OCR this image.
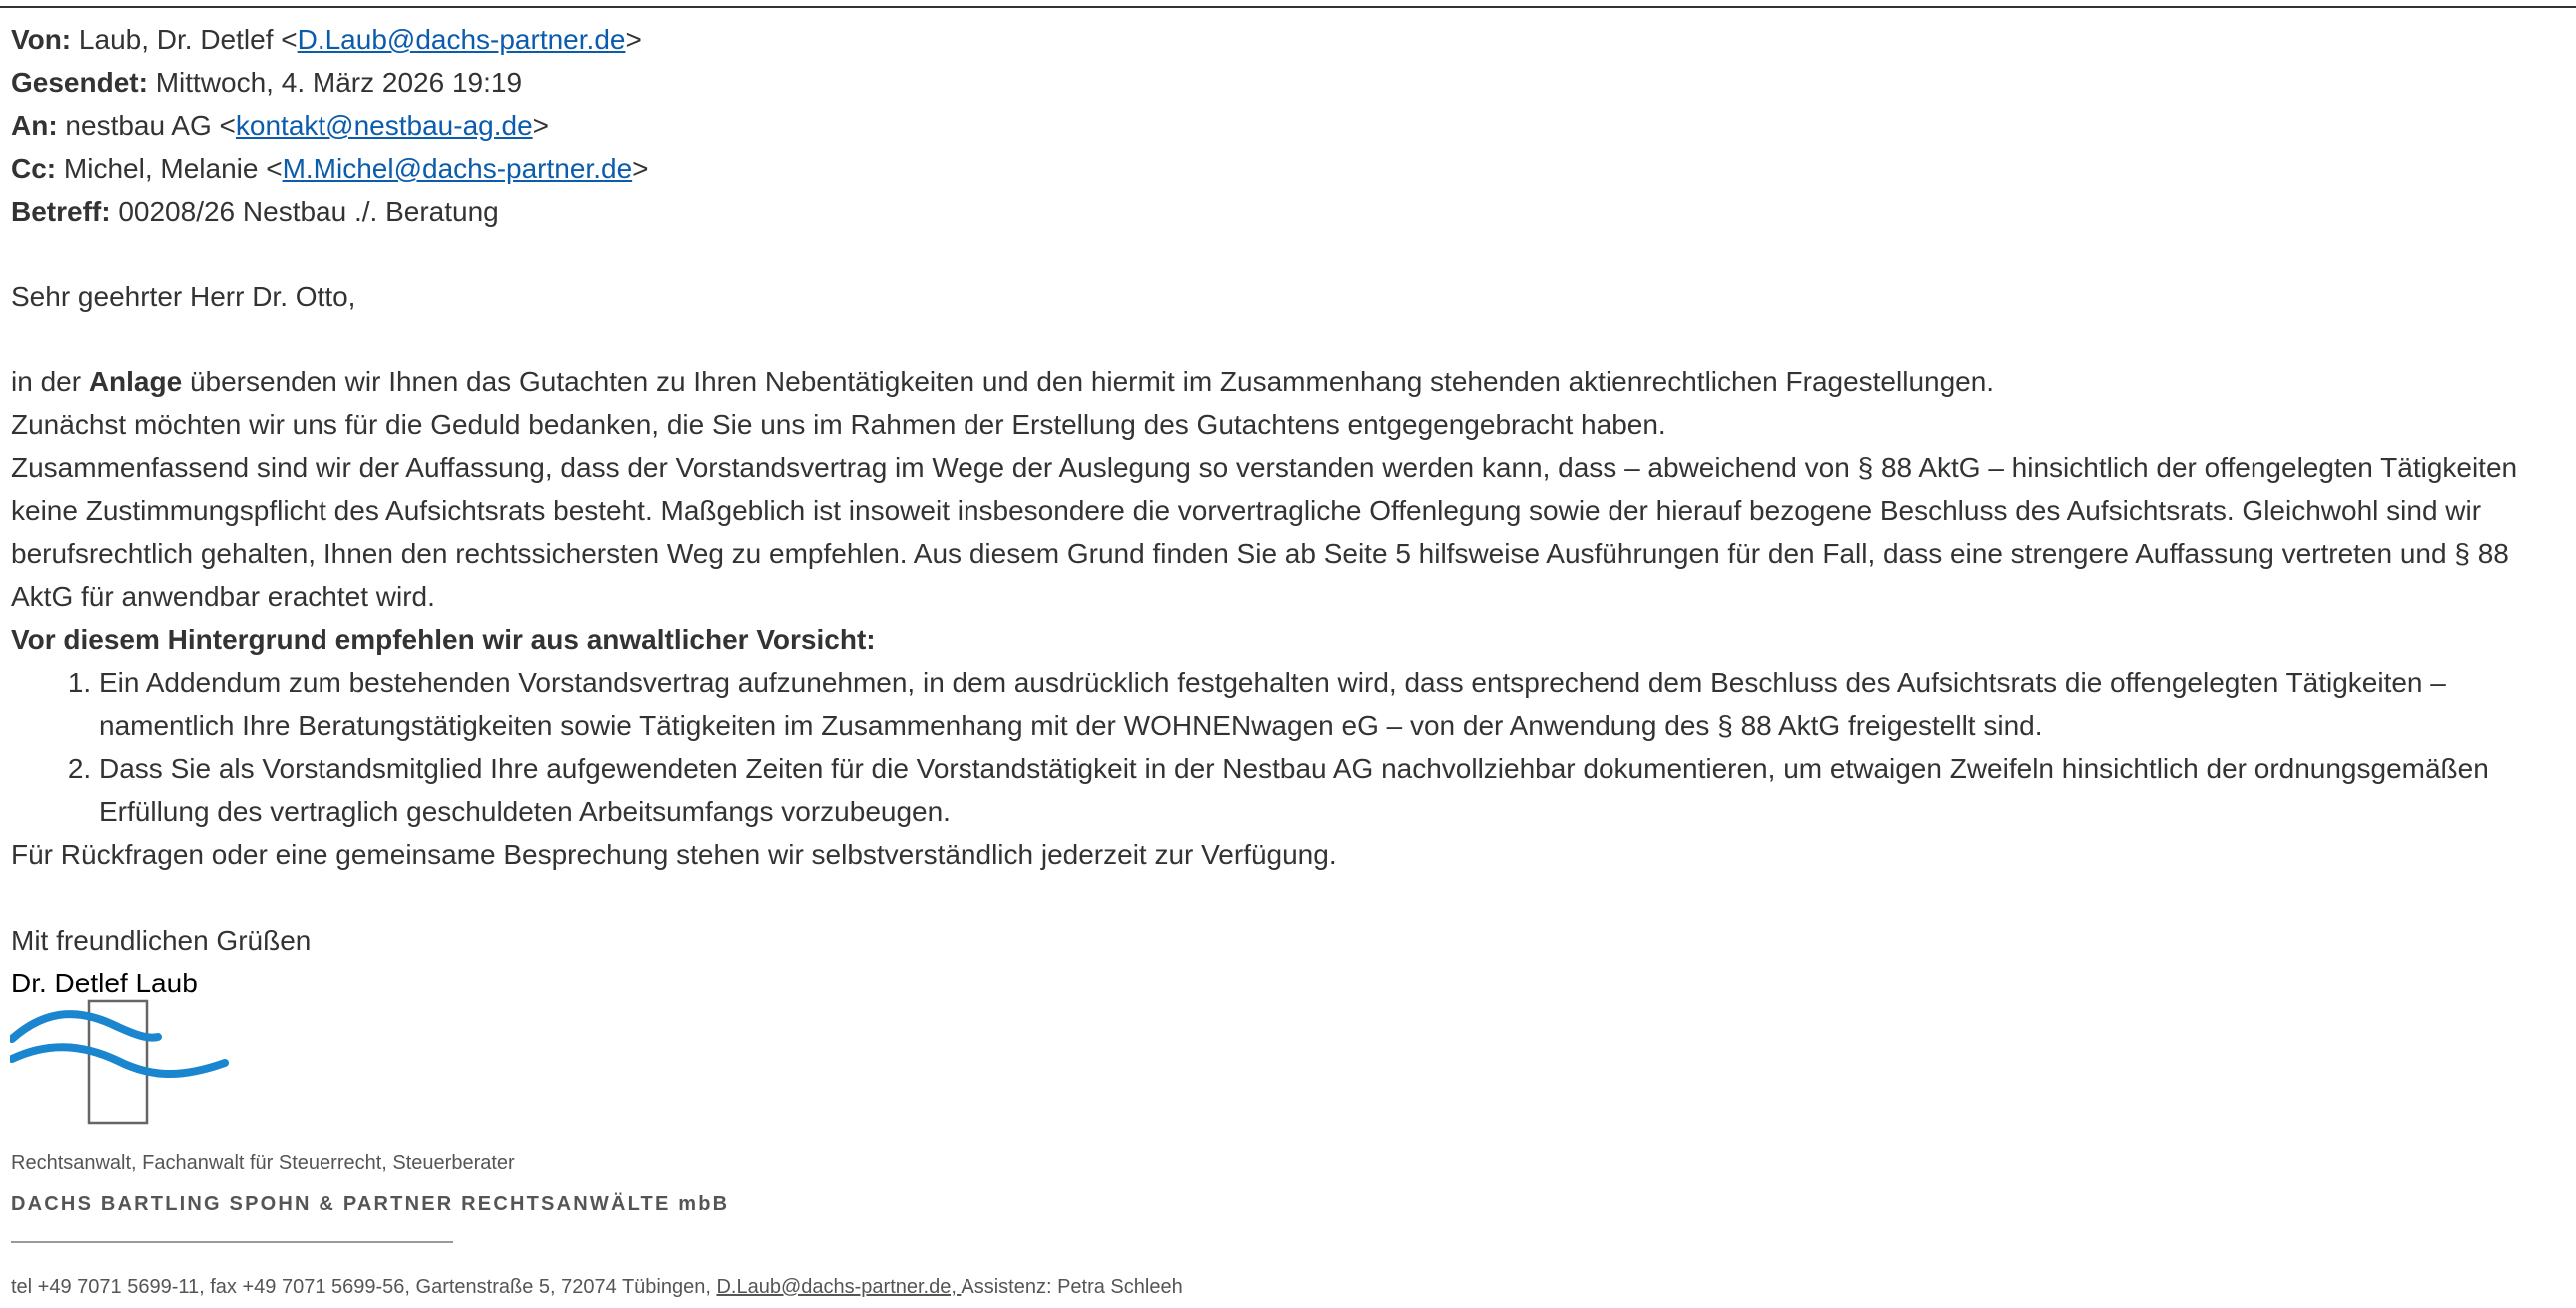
Von: Laub, Dr. Detlef <D.Laub@dachs-partner.de>
Gesendet: Mittwoch, 4. März 2026 19:19
An: nestbau AG <kontakt@nestbau-ag.de>
Cc: Michel, Melanie <M.Michel@dachs-partner.de>
Betreff: 00208/26 Nestbau ./. Beratung

Sehr geehrter Herr Dr. Otto,

in der Anlage übersenden wir Ihnen das Gutachten zu Ihren Nebentätigkeiten und den hiermit im Zusammenhang stehenden aktienrechtlichen Fragestellungen.

Zunächst möchten wir uns für die Geduld bedanken, die Sie uns im Rahmen der Erstellung des Gutachtens entgegengebracht haben.

Zusammenfassend sind wir der Auffassung, dass der Vorstandsvertrag im Wege der Auslegung so verstanden werden kann, dass – abweichend von § 88 AktG – hinsichtlich der offengelegten Tätigkeiten keine Zustimmungspflicht des Aufsichtsrats besteht. Maßgeblich ist insoweit insbesondere die vorvertragliche Offenlegung sowie der hierauf bezogene Beschluss des Aufsichtsrats. Gleichwohl sind wir berufsrechtlich gehalten, Ihnen den rechtssichersten Weg zu empfehlen. Aus diesem Grund finden Sie ab Seite 5 hilfsweise Ausführungen für den Fall, dass eine strengere Auffassung vertreten und § 88 AktG für anwendbar erachtet wird.

Vor diesem Hintergrund empfehlen wir aus anwaltlicher Vorsicht:

1. Ein Addendum zum bestehenden Vorstandsvertrag aufzunehmen, in dem ausdrücklich festgehalten wird, dass entsprechend dem Beschluss des Aufsichtsrats die offengelegten Tätigkeiten – namentlich Ihre Beratungstätigkeiten sowie Tätigkeiten im Zusammenhang mit der WOHNENwagen eG – von der Anwendung des § 88 AktG freigestellt sind.
2. Dass Sie als Vorstandsmitglied Ihre aufgewendeten Zeiten für die Vorstandstätigkeit in der Nestbau AG nachvollziehbar dokumentieren, um etwaigen Zweifeln hinsichtlich der ordnungsgemäßen Erfüllung des vertraglich geschuldeten Arbeitsumfangs vorzubeugen.

Für Rückfragen oder eine gemeinsame Besprechung stehen wir selbstverständlich jederzeit zur Verfügung.

Mit freundlichen Grüßen

Dr. Detlef Laub

Rechtsanwalt, Fachanwalt für Steuerrecht, Steuerberater
DACHS BARTLING SPOHN & PARTNER RECHTSANWÄLTE mbB
tel +49 7071 5699-11, fax +49 7071 5699-56, Gartenstraße 5, 72074 Tübingen, D.Laub@dachs-partner.de, Assistenz: Petra Schleeh
